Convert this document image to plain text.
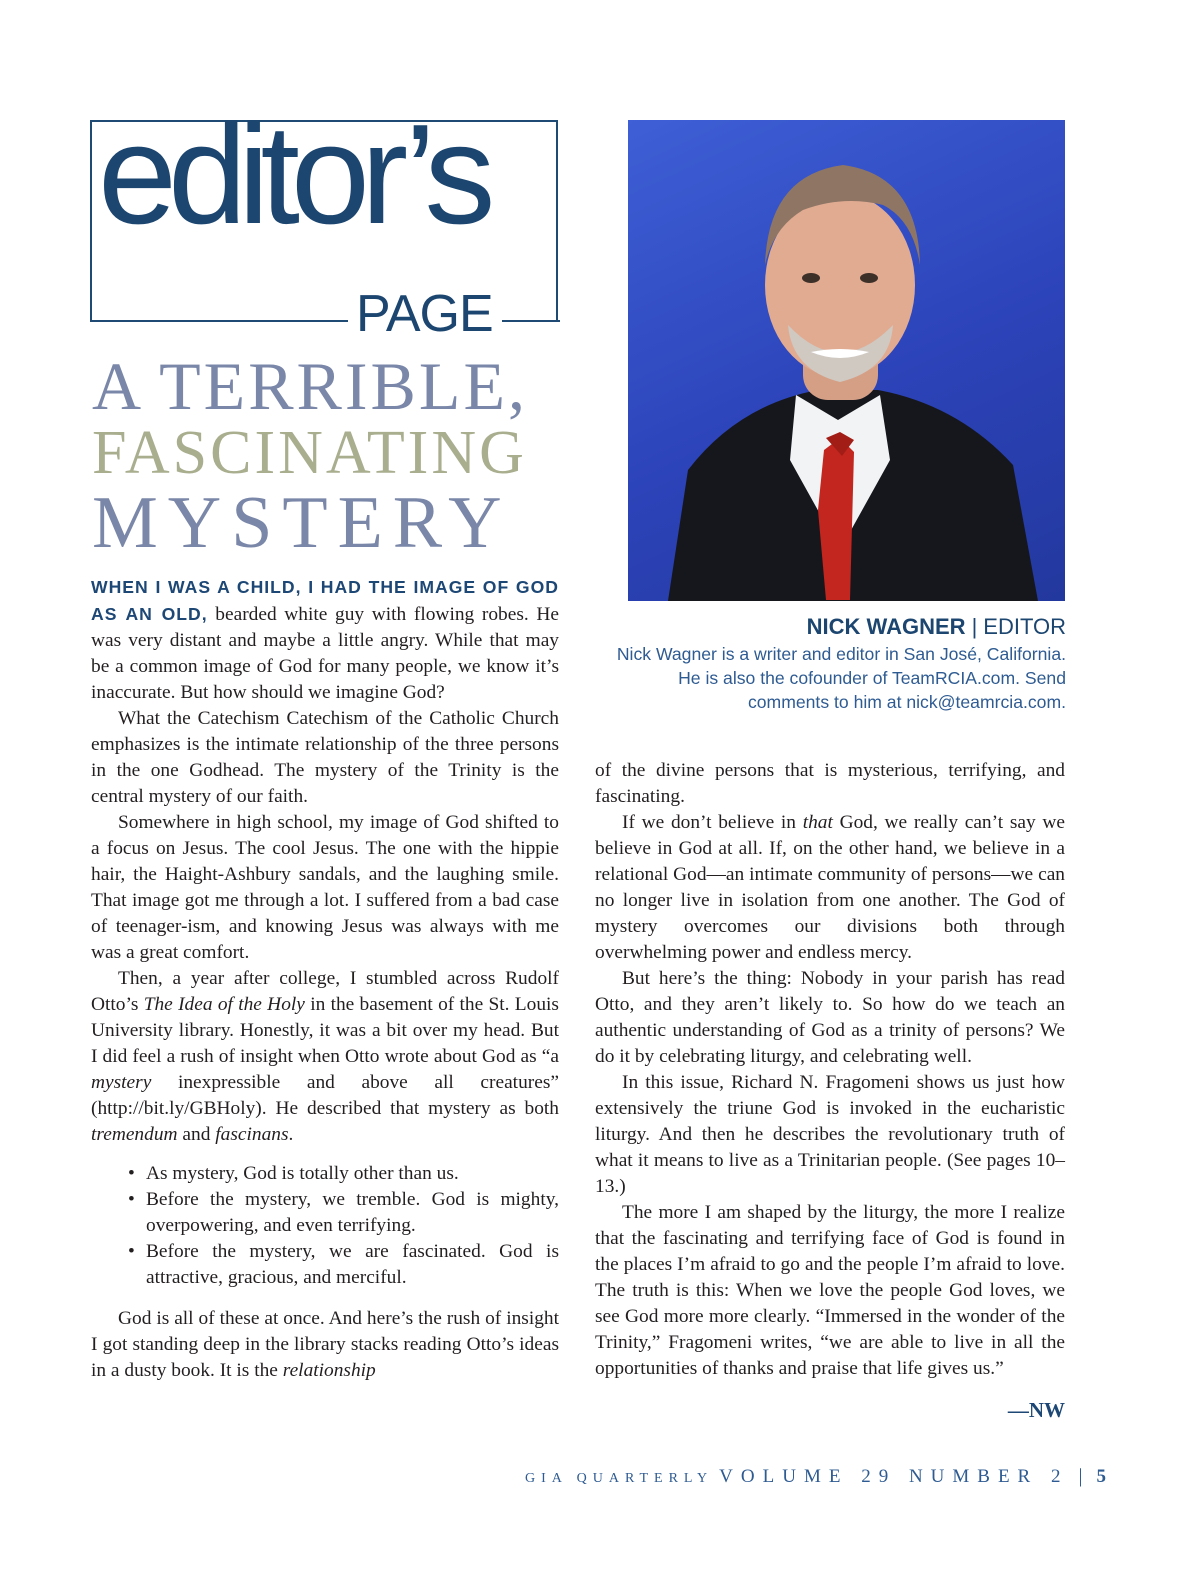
editor’s
PAGE
A TERRIBLE,
FASCINATING
MYSTERY

WHEN I WAS A CHILD, I HAD THE IMAGE OF GOD AS AN OLD, bearded white guy with flowing robes. He was very distant and maybe a little angry. While that may be a common image of God for many people, we know it’s inaccurate. But how should we imagine God?

What the Catechism Catechism of the Catholic Church emphasizes is the intimate relationship of the three persons in the one Godhead. The mystery of the Trinity is the central mystery of our faith.

Somewhere in high school, my image of God shifted to a focus on Jesus. The cool Jesus. The one with the hippie hair, the Haight-Ashbury sandals, and the laughing smile. That image got me through a lot. I suffered from a bad case of teenager-ism, and knowing Jesus was always with me was a great comfort.

Then, a year after college, I stumbled across Rudolf Otto’s The Idea of the Holy in the basement of the St. Louis University library. Honestly, it was a bit over my head. But I did feel a rush of insight when Otto wrote about God as “a mystery inexpressible and above all creatures” (http://bit.ly/GBHoly). He described that mystery as both tremendum and fascinans.

• As mystery, God is totally other than us.
• Before the mystery, we tremble. God is mighty, overpowering, and even terrifying.
• Before the mystery, we are fascinated. God is attractive, gracious, and merciful.

God is all of these at once. And here’s the rush of insight I got standing deep in the library stacks reading Otto’s ideas in a dusty book. It is the relationship

NICK WAGNER | EDITOR
Nick Wagner is a writer and editor in San José, California. He is also the cofounder of TeamRCIA.com. Send comments to him at nick@teamrcia.com.

of the divine persons that is mysterious, terrifying, and fascinating.

If we don’t believe in that God, we really can’t say we believe in God at all. If, on the other hand, we believe in a relational God—an intimate community of persons—we can no longer live in isolation from one another. The God of mystery overcomes our divisions both through overwhelming power and endless mercy.

But here’s the thing: Nobody in your parish has read Otto, and they aren’t likely to. So how do we teach an authentic understanding of God as a trinity of persons? We do it by celebrating liturgy, and celebrating well.

In this issue, Richard N. Fragomeni shows us just how extensively the triune God is invoked in the eucharistic liturgy. And then he describes the revolutionary truth of what it means to live as a Trinitarian people. (See pages 10–13.)

The more I am shaped by the liturgy, the more I realize that the fascinating and terrifying face of God is found in the places I’m afraid to go and the people I’m afraid to love. The truth is this: When we love the people God loves, we see God more more clearly. “Immersed in the wonder of the Trinity,” Fragomeni writes, “we are able to live in all the opportunities of thanks and praise that life gives us.”

—NW
GIA QUARTERLY VOLUME 29 NUMBER 2 | 5
